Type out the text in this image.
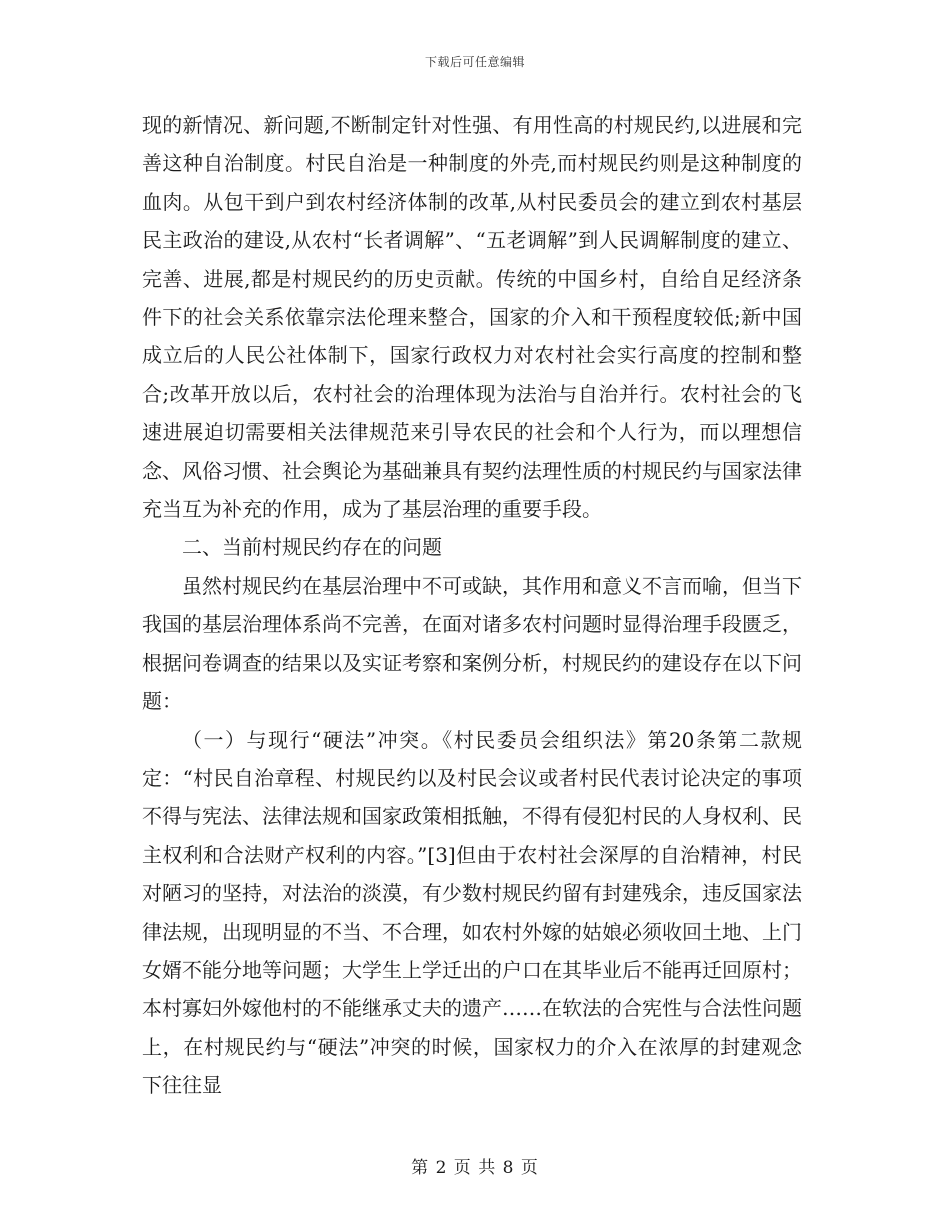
下载后可任意编辑

现的新情况、新问题,不断制定针对性强、有用性高的村规民约,以进展和完善这种自治制度。村民自治是一种制度的外壳,而村规民约则是这种制度的血肉。从包干到户到农村经济体制的改革,从村民委员会的建立到农村基层民主政治的建设,从农村“长者调解”、“五老调解”到人民调解制度的建立、完善、进展,都是村规民约的历史贡献。传统的中国乡村，自给自足经济条件下的社会关系依靠宗法伦理来整合，国家的介入和干预程度较低;新中国成立后的人民公社体制下，国家行政权力对农村社会实行高度的控制和整合;改革开放以后，农村社会的治理体现为法治与自治并行。农村社会的飞速进展迫切需要相关法律规范来引导农民的社会和个人行为，而以理想信念、风俗习惯、社会舆论为基础兼具有契约法理性质的村规民约与国家法律充当互为补充的作用，成为了基层治理的重要手段。

二、当前村规民约存在的问题

虽然村规民约在基层治理中不可或缺，其作用和意义不言而喻，但当下我国的基层治理体系尚不完善，在面对诸多农村问题时显得治理手段匮乏，根据问卷调查的结果以及实证考察和案例分析，村规民约的建设存在以下问题：

（一）与现行“硬法”冲突。《村民委员会组织法》第20条第二款规定：“村民自治章程、村规民约以及村民会议或者村民代表讨论决定的事项不得与宪法、法律法规和国家政策相抵触，不得有侵犯村民的人身权利、民主权利和合法财产权利的内容。”[3]但由于农村社会深厚的自治精神，村民对陋习的坚持，对法治的淡漠，有少数村规民约留有封建残余，违反国家法律法规，出现明显的不当、不合理，如农村外嫁的姑娘必须收回土地、上门女婿不能分地等问题；大学生上学迁出的户口在其毕业后不能再迁回原村；本村寡妇外嫁他村的不能继承丈夫的遗产……在软法的合宪性与合法性问题上，在村规民约与“硬法”冲突的时候，国家权力的介入在浓厚的封建观念下往往显

第 2 页 共 8 页
